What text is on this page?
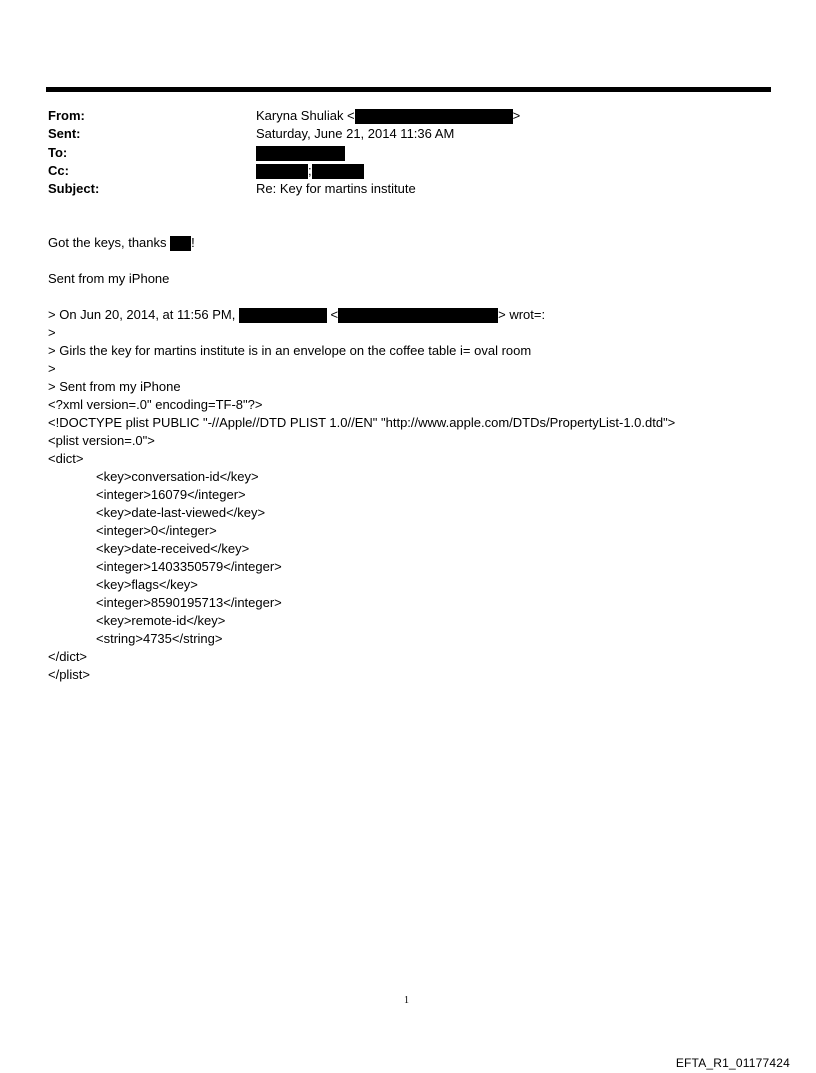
From:	Karyna Shuliak <	>
Sent:	Saturday, June 21, 2014 11:36 AM
To:
Cc:	;
Subject:	Re: Key for martins institute
Got the keys, thanks !
Sent from my iPhone
> On Jun 20, 2014, at 11:56 PM,	<	> wrot=:
>
> Girls the key for martins institute is in an envelope on the coffee table i= oval room
>
> Sent from my iPhone
<?xml version=.0" encoding=TF-8"?>
<!DOCTYPE plist PUBLIC "-//Apple//DTD PLIST 1.0//EN" "http://www.apple.com/DTDs/PropertyList-1.0.dtd">
<plist version=.0">
<dict>
<key>conversation-id</key>
<integer>16079</integer>
<key>date-last-viewed</key>
<integer>0</integer>
<key>date-received</key>
<integer>1403350579</integer>
<key>flags</key>
<integer>8590195713</integer>
<key>remote-id</key>
<string>4735</string>
</dict>
</plist>
1
EFTA_R1_01177424
